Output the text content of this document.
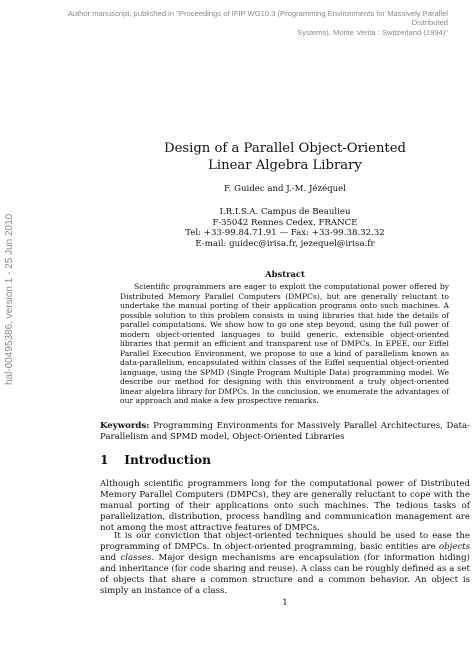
Author manuscript, published in "Proceedings of IFIP WG10.3 (Programming Environments for Massively Parallel Distributed
Systems), Monte Verita : Switzerland (1994)"
hal-00495386, version 1 - 25 Jun 2010
Design of a Parallel Object-Oriented
Linear Algebra Library
F. Guidec and J.-M. Jézéquel
I.R.I.S.A. Campus de Beaulieu
F-35042 Rennes Cedex, FRANCE
Tel: +33-99.84.71.91 — Fax: +33-99.38.32.32
E-mail: guidec@irisa.fr, jezequel@irisa.fr
Abstract

Scientific programmers are eager to exploit the computational power offered by Distributed Memory Parallel Computers (DMPCs), but are generally reluctant to undertake the manual porting of their application programs onto such machines. A possible solution to this problem consists in using libraries that hide the details of parallel computations. We show how to go one step beyond, using the full power of modern object-oriented languages to build generic, extensible object-oriented libraries that permit an efficient and transparent use of DMPCs. In EPEE, our Eiffel Parallel Execution Environment, we propose to use a kind of parallelism known as data-parallelism, encapsulated within classes of the Eiffel sequential object-oriented language, using the SPMD (Single Program Multiple Data) programming model. We describe our method for designing with this environment a truly object-oriented linear algebra library for DMPCs. In the conclusion, we enumerate the advantages of our approach and make a few prospective remarks.

Keywords: Programming Environments for Massively Parallel Architectures, Data-Parallelism and SPMD model, Object-Oriented Libraries

1 Introduction

Although scientific programmers long for the computational power of Distributed Memory Parallel Computers (DMPCs), they are generally reluctant to cope with the manual porting of their applications onto such machines. The tedious tasks of parallelization, distribution, process handling and communication management are not among the most attractive features of DMPCs.

It is our conviction that object-oriented techniques should be used to ease the programming of DMPCs. In object-oriented programming, basic entities are objects and classes. Major design mechanisms are encapsulation (for information hiding) and inheritance (for code sharing and reuse). A class can be roughly defined as a set of objects that share a common structure and a common behavior. An object is simply an instance of a class.

1
